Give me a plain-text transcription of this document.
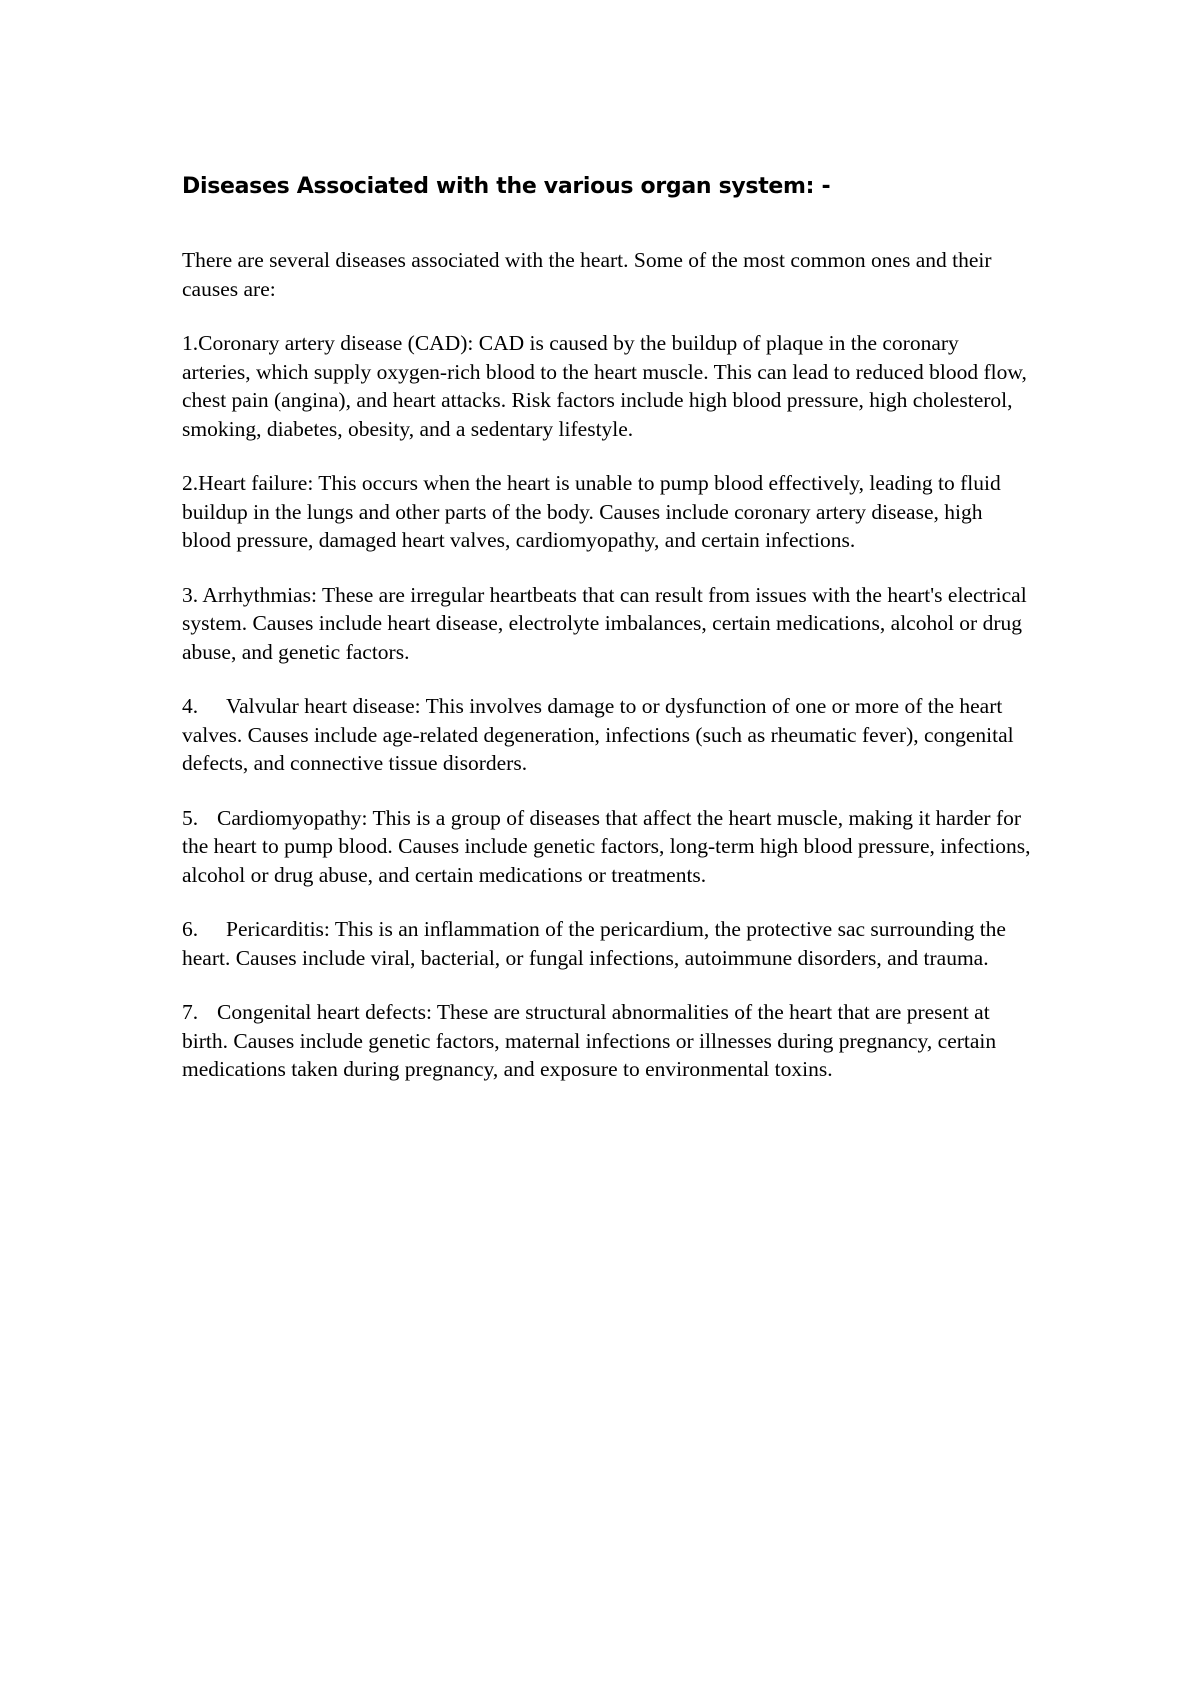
Diseases Associated with the various organ system: -

There are several diseases associated with the heart. Some of the most common ones and their causes are:

1.Coronary artery disease (CAD): CAD is caused by the buildup of plaque in the coronary arteries, which supply oxygen-rich blood to the heart muscle. This can lead to reduced blood flow, chest pain (angina), and heart attacks. Risk factors include high blood pressure, high cholesterol, smoking, diabetes, obesity, and a sedentary lifestyle.

2.Heart failure: This occurs when the heart is unable to pump blood effectively, leading to fluid buildup in the lungs and other parts of the body. Causes include coronary artery disease, high blood pressure, damaged heart valves, cardiomyopathy, and certain infections.

3. Arrhythmias: These are irregular heartbeats that can result from issues with the heart's electrical system. Causes include heart disease, electrolyte imbalances, certain medications, alcohol or drug abuse, and genetic factors.

4. Valvular heart disease: This involves damage to or dysfunction of one or more of the heart valves. Causes include age-related degeneration, infections (such as rheumatic fever), congenital defects, and connective tissue disorders.

5. Cardiomyopathy: This is a group of diseases that affect the heart muscle, making it harder for the heart to pump blood. Causes include genetic factors, long-term high blood pressure, infections, alcohol or drug abuse, and certain medications or treatments.

6. Pericarditis: This is an inflammation of the pericardium, the protective sac surrounding the heart. Causes include viral, bacterial, or fungal infections, autoimmune disorders, and trauma.

7. Congenital heart defects: These are structural abnormalities of the heart that are present at birth. Causes include genetic factors, maternal infections or illnesses during pregnancy, certain medications taken during pregnancy, and exposure to environmental toxins.
